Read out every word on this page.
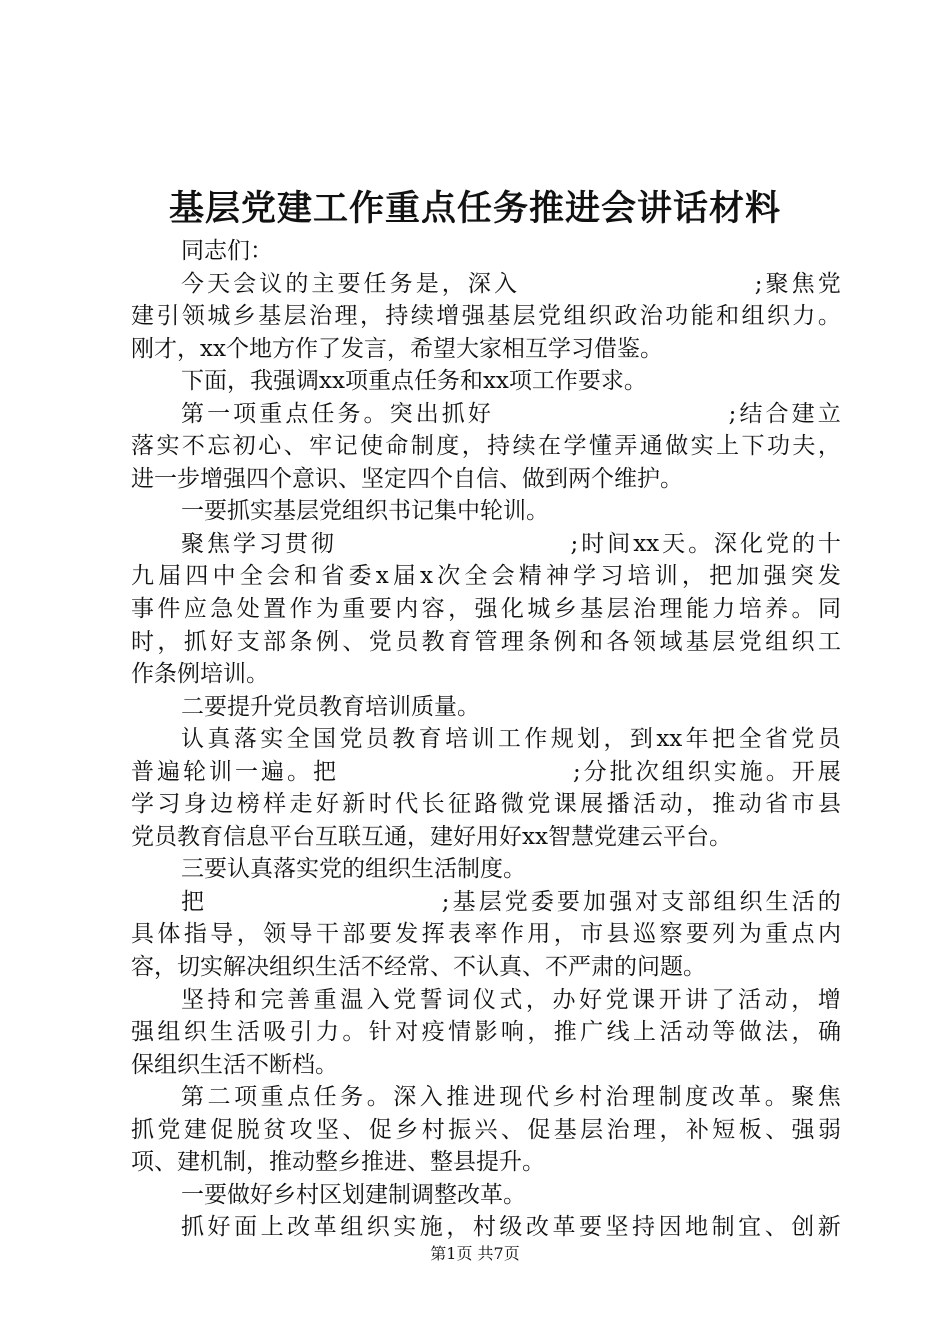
基层党建工作重点任务推进会讲话材料
同志们：
今 天 会 议 的 主 要 任 务 是 ， 深 入

　	; 聚 焦 党
建 引 领 城 乡 基 层 治 理 ， 持 续 增 强 基 层 党 组 织 政 治 功 能 和 组 织 力 。
刚才，xx个地方作了发言，希望大家相互学习借鉴。
下面，我强调xx项重点任务和xx项工作要求。
第 一 项 重 点 任 务 。 突 出 抓 好

　	; 结 合 建 立
落 实 不 忘 初 心 、 牢 记 使 命 制 度 ， 持 续 在 学 懂 弄 通 做 实 上 下 功 夫 ，
进一步增强四个意识、坚定四个自信、做到两个维护。
一要抓实基层党组织书记集中轮训。
聚 焦 学 习 贯 彻

　	; 时 间 xx 天 。 深 化 党 的 十
九 届 四 中 全 会 和 省 委 x 届 x 次 全 会 精 神 学 习 培 训 ， 把 加 强 突 发
事 件 应 急 处 置 作 为 重 要 内 容 ， 强 化 城 乡 基 层 治 理 能 力 培 养 。 同
时 ， 抓 好 支 部 条 例 、 党 员 教 育 管 理 条 例 和 各 领 域 基 层 党 组 织 工
作条例培训。
二要提升党员教育培训质量。
认 真 落 实 全 国 党 员 教 育 培 训 工 作 规 划 ， 到 xx 年 把 全 省 党 员
普 遍 轮 训 一 遍 。 把

　	; 分 批 次 组 织 实 施 。 开 展
学 习 身 边 榜 样 走 好 新 时 代 长 征 路 微 党 课 展 播 活 动 ， 推 动 省 市 县
党员教育信息平台互联互通，建好用好xx智慧党建云平台。
三要认真落实党的组织生活制度。
把

　	; 基 层 党 委 要 加 强 对 支 部 组 织 生 活 的
具 体 指 导 ， 领 导 干 部 要 发 挥 表 率 作 用 ， 市 县 巡 察 要 列 为 重 点 内
容，切实解决组织生活不经常、不认真、不严肃的问题。
坚 持 和 完 善 重 温 入 党 誓 词 仪 式 ， 办 好 党 课 开 讲 了 活 动 ， 增
强 组 织 生 活 吸 引 力 。 针 对 疫 情 影 响 ， 推 广 线 上 活 动 等 做 法 ， 确
保组织生活不断档。
第 二 项 重 点 任 务 。 深 入 推 进 现 代 乡 村 治 理 制 度 改 革 。 聚 焦
抓 党 建 促 脱 贫 攻 坚 、 促 乡 村 振 兴 、 促 基 层 治 理 ， 补 短 板 、 强 弱
项、建机制，推动整乡推进、整县提升。
一要做好乡村区划建制调整改革。
抓 好 面 上 改 革 组 织 实 施 ， 村 级 改 革 要 坚 持 因 地 制 宜 、 创 新
第1页 共7页
